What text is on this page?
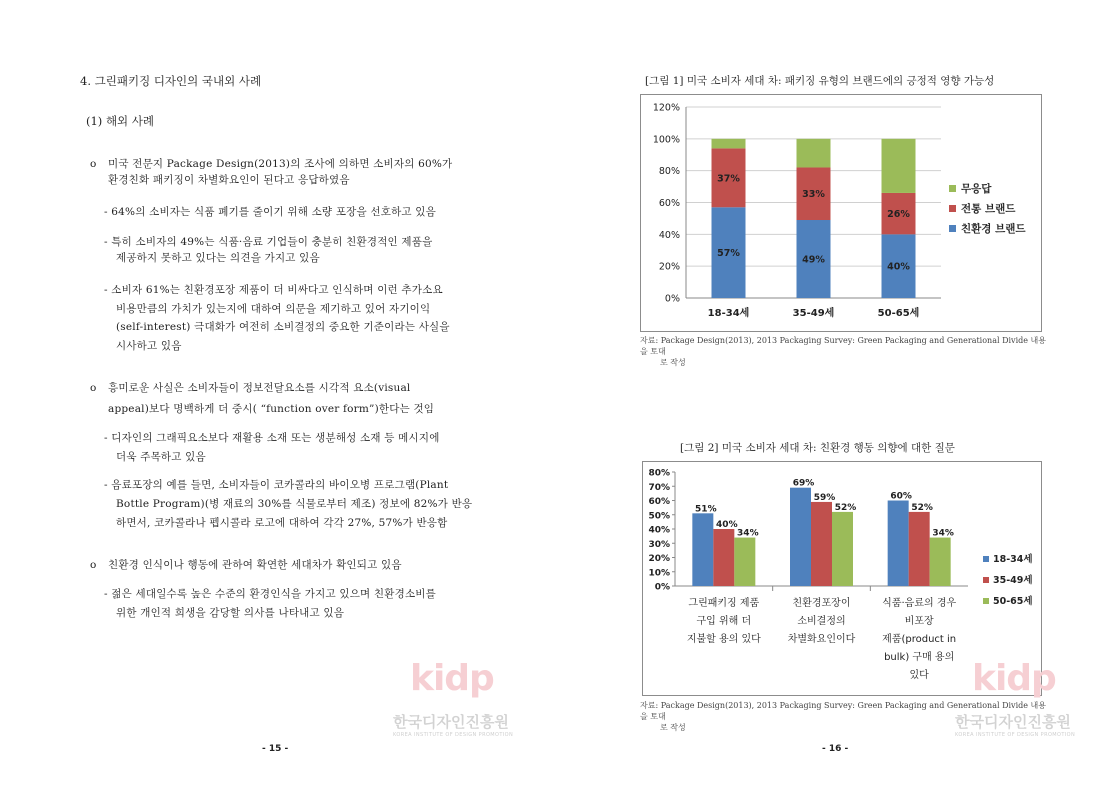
4. 그린패키징 디자인의 국내외 사례
(1) 해외 사례
o	미국 전문지 Package Design(2013)의 조사에 의하면 소비자의 60%가
환경친화 패키징이 차별화요인이 된다고 응답하였음
- 64%의 소비자는 식품 폐기를 줄이기 위해 소량 포장을 선호하고 있음
- 특히 소비자의 49%는 식품·음료 기업들이 충분히 친환경적인 제품을
제공하지 못하고 있다는 의견을 가지고 있음
- 소비자 61%는 친환경포장 제품이 더 비싸다고 인식하며 이런 추가소요
비용만큼의 가치가 있는지에 대하여 의문을 제기하고 있어 자기이익
(self-interest) 극대화가 여전히 소비결정의 중요한 기준이라는 사실을
시사하고 있음
o	흥미로운 사실은 소비자들이 정보전달요소를 시각적 요소(visual
appeal)보다 명백하게 더 중시( “function over form”)한다는 것임
- 디자인의 그래픽요소보다 재활용 소재 또는 생분해성 소재 등 메시지에
더욱 주목하고 있음
- 음료포장의 예를 들면, 소비자들이 코카콜라의 바이오병 프로그램(Plant
Bottle Program)(병 재료의 30%를 식물로부터 제조) 정보에 82%가 반응
하면서, 코카콜라나 펩시콜라 로고에 대하여 각각 27%, 57%가 반응함
o	친환경 인식이나 행동에 관하여 확연한 세대차가 확인되고 있음
- 젊은 세대일수록 높은 수준의 환경인식을 가지고 있으며 친환경소비를
위한 개인적 희생을 감당할 의사를 나타내고 있음
kidp
한국디자인진흥원
KOREA INSTITUTE OF DESIGN PROMOTION
- 15 -
[그림 1] 미국 소비자 세대 차: 패키징 유형의 브랜드에의 긍정적 영향 가능성
0%
20%
40%
60%
80%
100%
120%
57%
37%
18-34세
49%
33%
35-49세
40%
26%
50-65세
무응답
전통 브랜드
친환경 브랜드
자료: Package Design(2013), 2013 Packaging Survey: Green Packaging and Generational Divide 내용을 토대
로 작성
[그림 2] 미국 소비자 세대 차: 친환경 행동 의향에 대한 질문
0%
10%
20%
30%
40%
50%
60%
70%
80%
51%
40%
34%
그린패키징 제품
구입 위해 더
지불할 용의 있다
69%
59%
52%
친환경포장이
소비결정의
차별화요인이다
60%
52%
34%
식품·음료의 경우
비포장
제품(product in
bulk) 구매 용의
있다
18-34세
35-49세
50-65세
자료: Package Design(2013), 2013 Packaging Survey: Green Packaging and Generational Divide 내용을 토대
로 작성
kidp
한국디자인진흥원
KOREA INSTITUTE OF DESIGN PROMOTION
- 16 -
